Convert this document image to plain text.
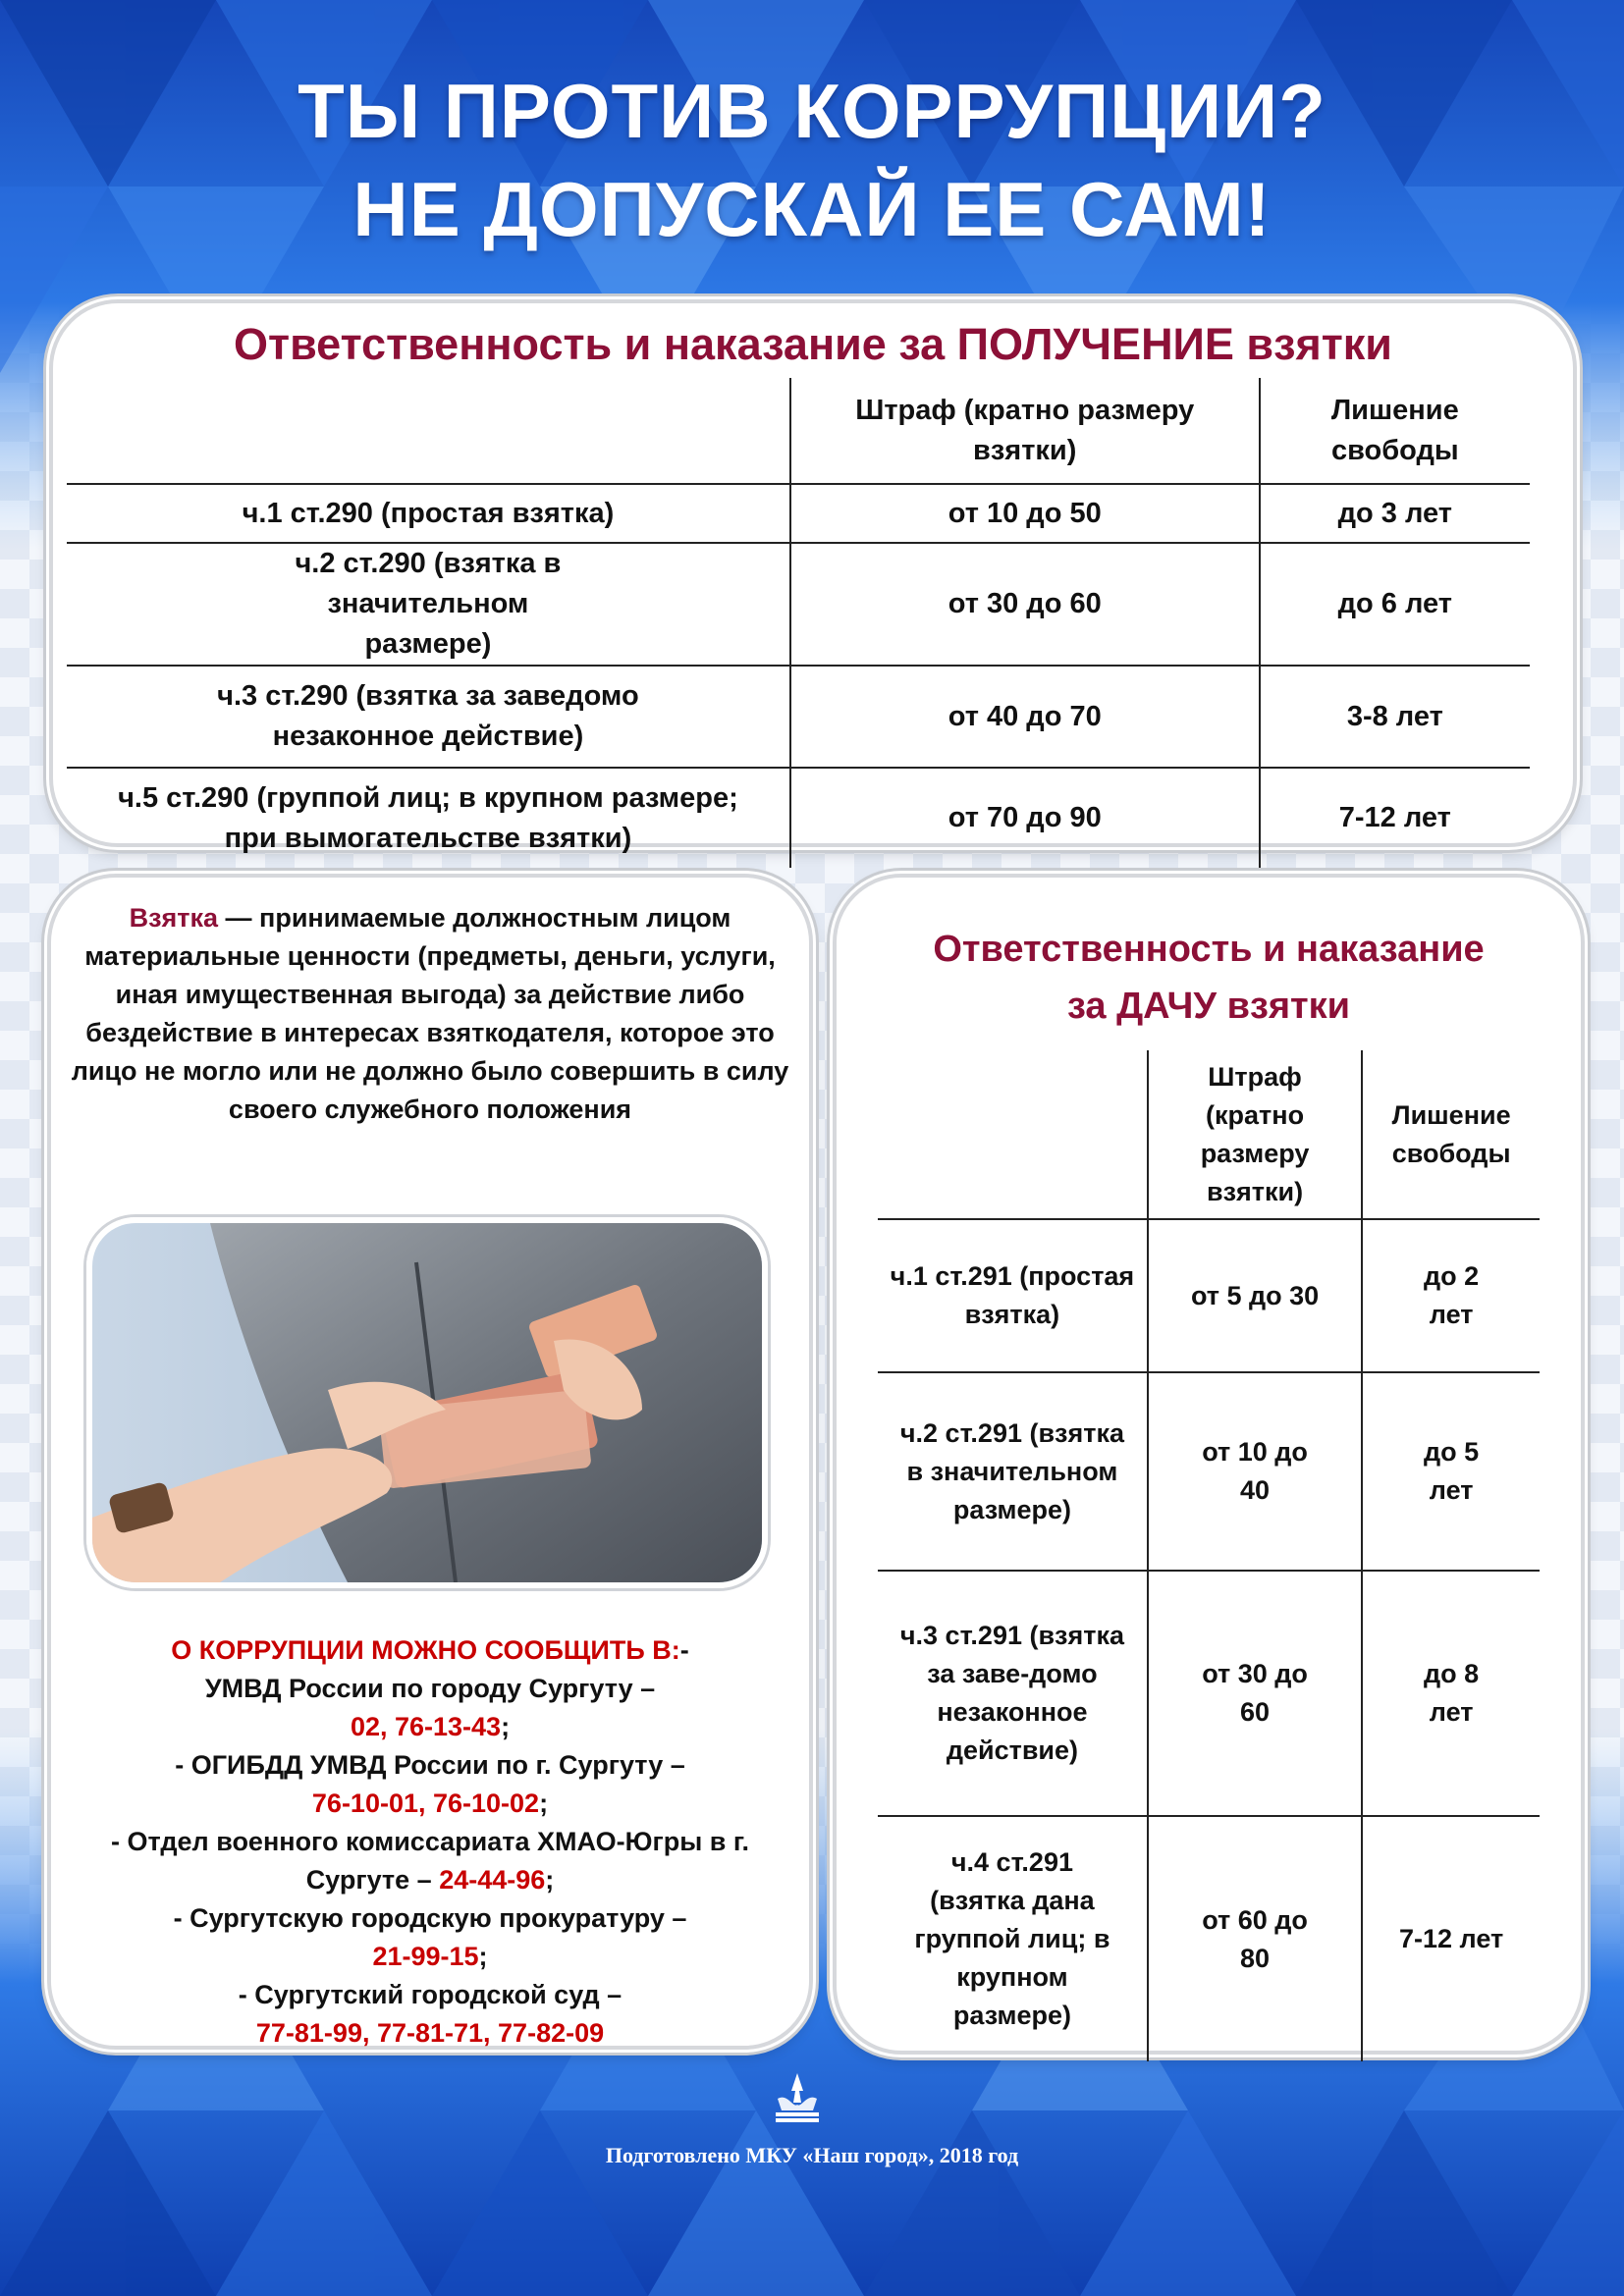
ТЫ ПРОТИВ КОРРУПЦИИ?
НЕ ДОПУСКАЙ ЕЕ САМ!
Ответственность и наказание за ПОЛУЧЕНИЕ взятки
	Штраф (кратно размеру взятки)	Лишение свободы
ч.1 ст.290 (простая взятка)	от 10 до 50	до 3 лет
ч.2 ст.290 (взятка в значительном размере)	от 30 до 60	до 6 лет
ч.3 ст.290 (взятка за заведомо незаконное действие)	от 40 до 70	3-8 лет
ч.5 ст.290 (группой лиц; в крупном размере; при вымогательстве взятки)	от 70 до 90	7-12 лет
Взятка — принимаемые должностным лицом материальные ценности (предметы, деньги, услуги, иная имущественная выгода) за действие либо бездействие в интересах взяткодателя, которое это лицо не могло или не должно было совершить в силу своего служебного положения
О КОРРУПЦИИ МОЖНО СООБЩИТЬ В:-
УМВД России по городу Сургуту –
02, 76-13-43;
- ОГИБДД УМВД России по г. Сургуту –
76-10-01, 76-10-02;
- Отдел военного комиссариата ХМАО-Югры в г. Сургуте – 24-44-96;
- Сургутскую городскую прокуратуру –
21-99-15;
- Сургутский городской суд –
77-81-99, 77-81-71, 77-82-09
Ответственность и наказание
за ДАЧУ взятки
	Штраф (кратно размеру взятки)	Лишение свободы
ч.1 ст.291 (простая взятка)	от 5 до 30	до 2 лет
ч.2 ст.291 (взятка в значительном размере)	от 10 до 40	до 5 лет
ч.3 ст.291 (взятка за заве-домо незаконное действие)	от 30 до 60	до 8 лет
ч.4 ст.291 (взятка дана группой лиц; в крупном размере)	от 60 до 80	7-12 лет
Подготовлено МКУ «Наш город», 2018 год
